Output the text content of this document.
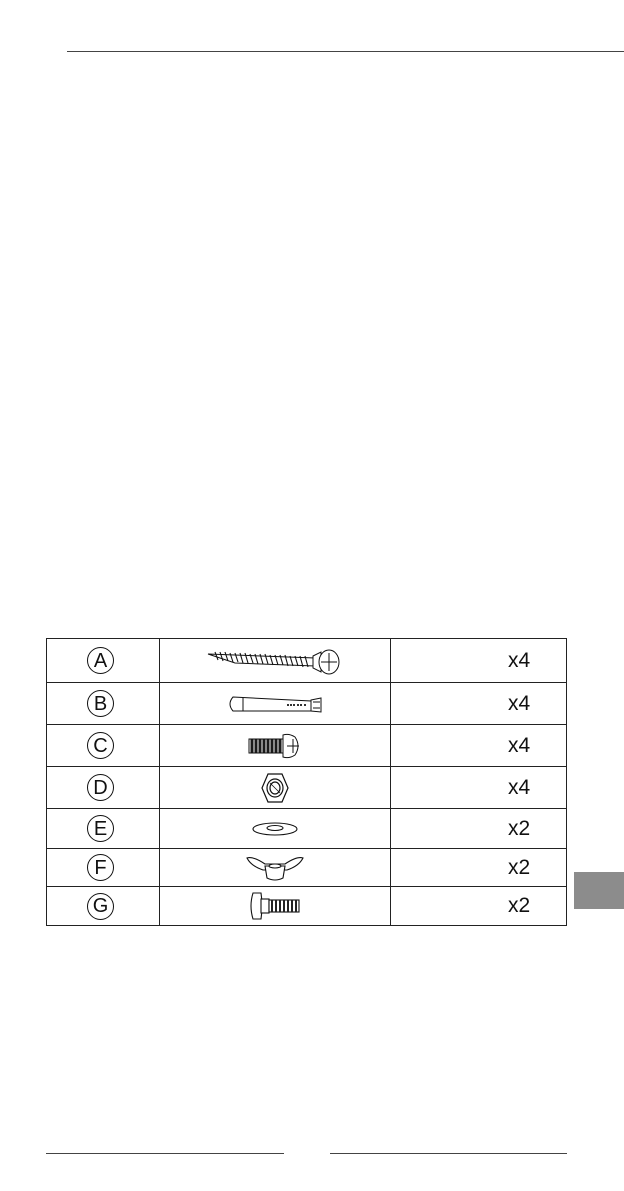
A		x4

B		x4

C		x4

D		x4

E		x2

F		x2

G		x2
